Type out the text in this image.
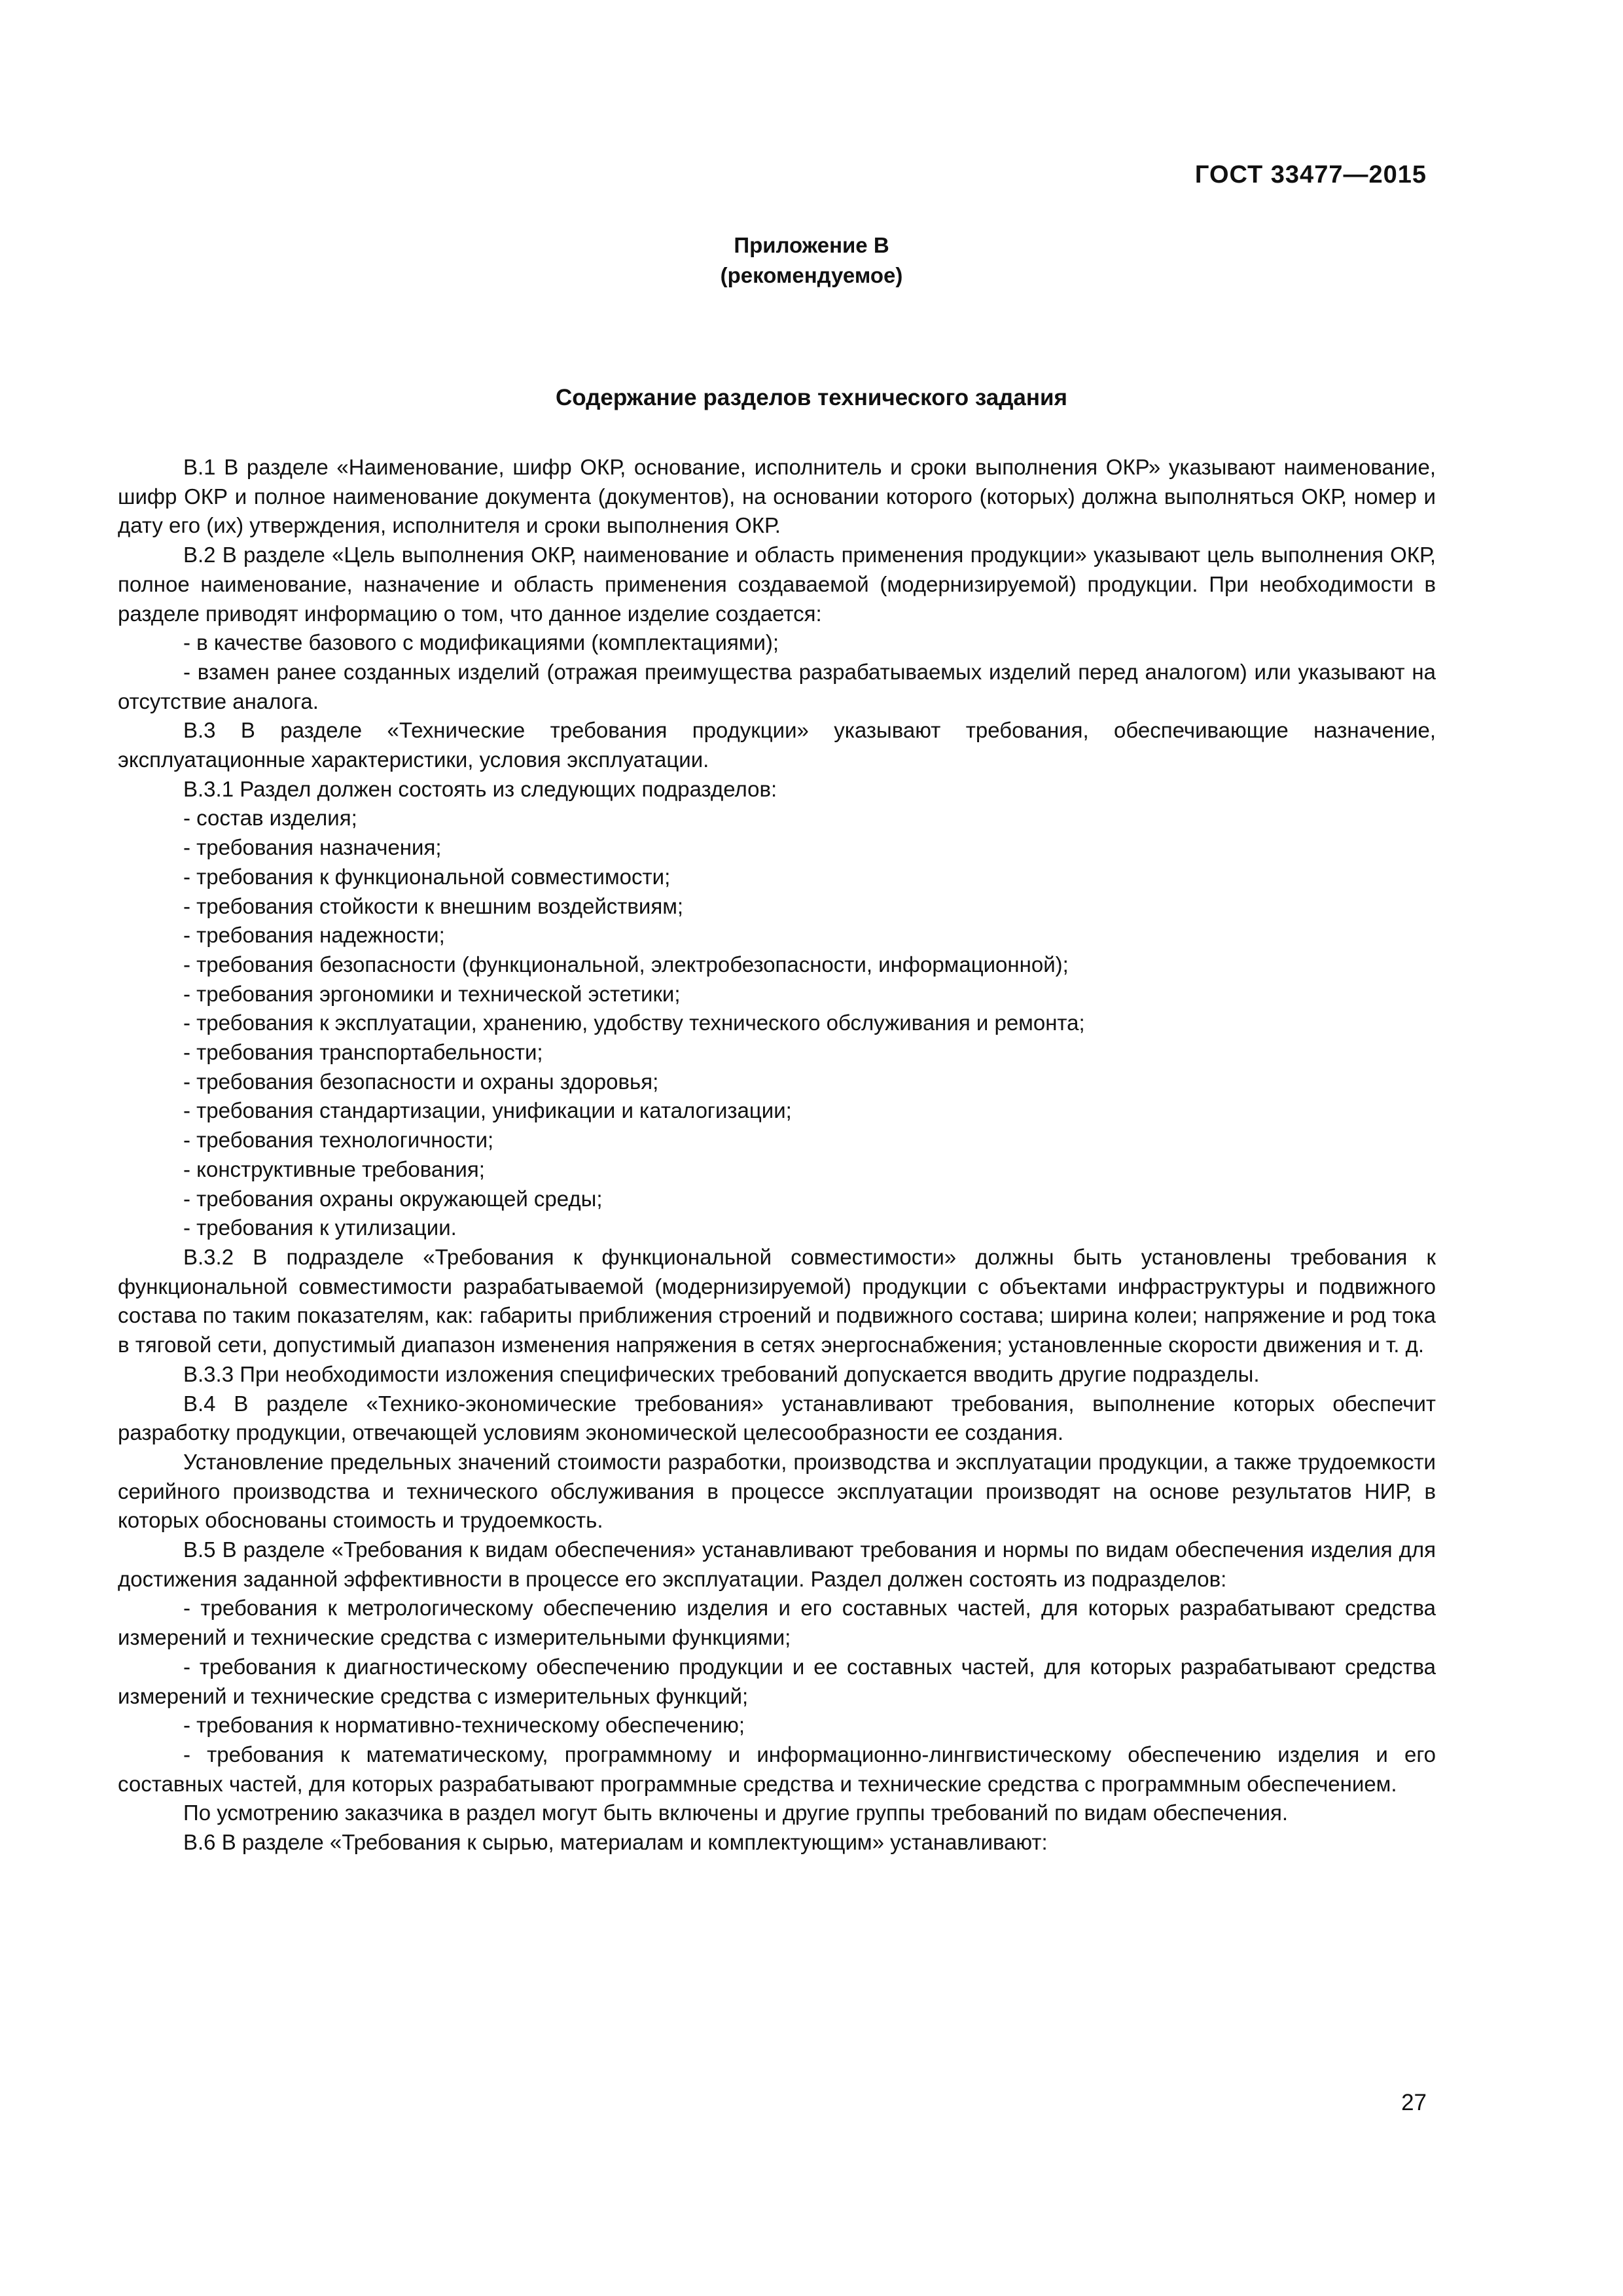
ГОСТ 33477—2015
Приложение В
(рекомендуемое)
Содержание разделов технического задания

В.1 В разделе «Наименование, шифр ОКР, основание, исполнитель и сроки выполнения ОКР» указывают наименование, шифр ОКР и полное наименование документа (документов), на основании которого (которых) должна выполняться ОКР, номер и дату его (их) утверждения, исполнителя и сроки выполнения ОКР.

В.2 В разделе «Цель выполнения ОКР, наименование и область применения продукции» указывают цель выполнения ОКР, полное наименование, назначение и область применения создаваемой (модернизируемой) продукции. При необходимости в разделе приводят информацию о том, что данное изделие создается:

- в качестве базового с модификациями (комплектациями);

- взамен ранее созданных изделий (отражая преимущества разрабатываемых изделий перед аналогом) или указывают на отсутствие аналога.

В.3 В разделе «Технические требования продукции» указывают требования, обеспечивающие назначение, эксплуатационные характеристики, условия эксплуатации.

В.3.1 Раздел должен состоять из следующих подразделов:

- состав изделия;

- требования назначения;

- требования к функциональной совместимости;

- требования стойкости к внешним воздействиям;

- требования надежности;

- требования безопасности (функциональной, электробезопасности, информационной);

- требования эргономики и технической эстетики;

- требования к эксплуатации, хранению, удобству технического обслуживания и ремонта;

- требования транспортабельности;

- требования безопасности и охраны здоровья;

- требования стандартизации, унификации и каталогизации;

- требования технологичности;

- конструктивные требования;

- требования охраны окружающей среды;

- требования к утилизации.

В.3.2 В подразделе «Требования к функциональной совместимости» должны быть установлены требования к функциональной совместимости разрабатываемой (модернизируемой) продукции с объектами инфраструктуры и подвижного состава по таким показателям, как: габариты приближения строений и подвижного состава; ширина колеи; напряжение и род тока в тяговой сети, допустимый диапазон изменения напряжения в сетях энергоснабжения; установленные скорости движения и т. д.

В.3.3 При необходимости изложения специфических требований допускается вводить другие подразделы.

В.4 В разделе «Технико-экономические требования» устанавливают требования, выполнение которых обеспечит разработку продукции, отвечающей условиям экономической целесообразности ее создания.

Установление предельных значений стоимости разработки, производства и эксплуатации продукции, а также трудоемкости серийного производства и технического обслуживания в процессе эксплуатации производят на основе результатов НИР, в которых обоснованы стоимость и трудоемкость.

В.5 В разделе «Требования к видам обеспечения» устанавливают требования и нормы по видам обеспечения изделия для достижения заданной эффективности в процессе его эксплуатации. Раздел должен состоять из подразделов:

- требования к метрологическому обеспечению изделия и его составных частей, для которых разрабатывают средства измерений и технические средства с измерительными функциями;

- требования к диагностическому обеспечению продукции и ее составных частей, для которых разрабатывают средства измерений и технические средства с измерительных функций;

- требования к нормативно-техническому обеспечению;

- требования к математическому, программному и информационно-лингвистическому обеспечению изделия и его составных частей, для которых разрабатывают программные средства и технические средства с программным обеспечением.

По усмотрению заказчика в раздел могут быть включены и другие группы требований по видам обеспечения.

В.6 В разделе «Требования к сырью, материалам и комплектующим» устанавливают:

27
